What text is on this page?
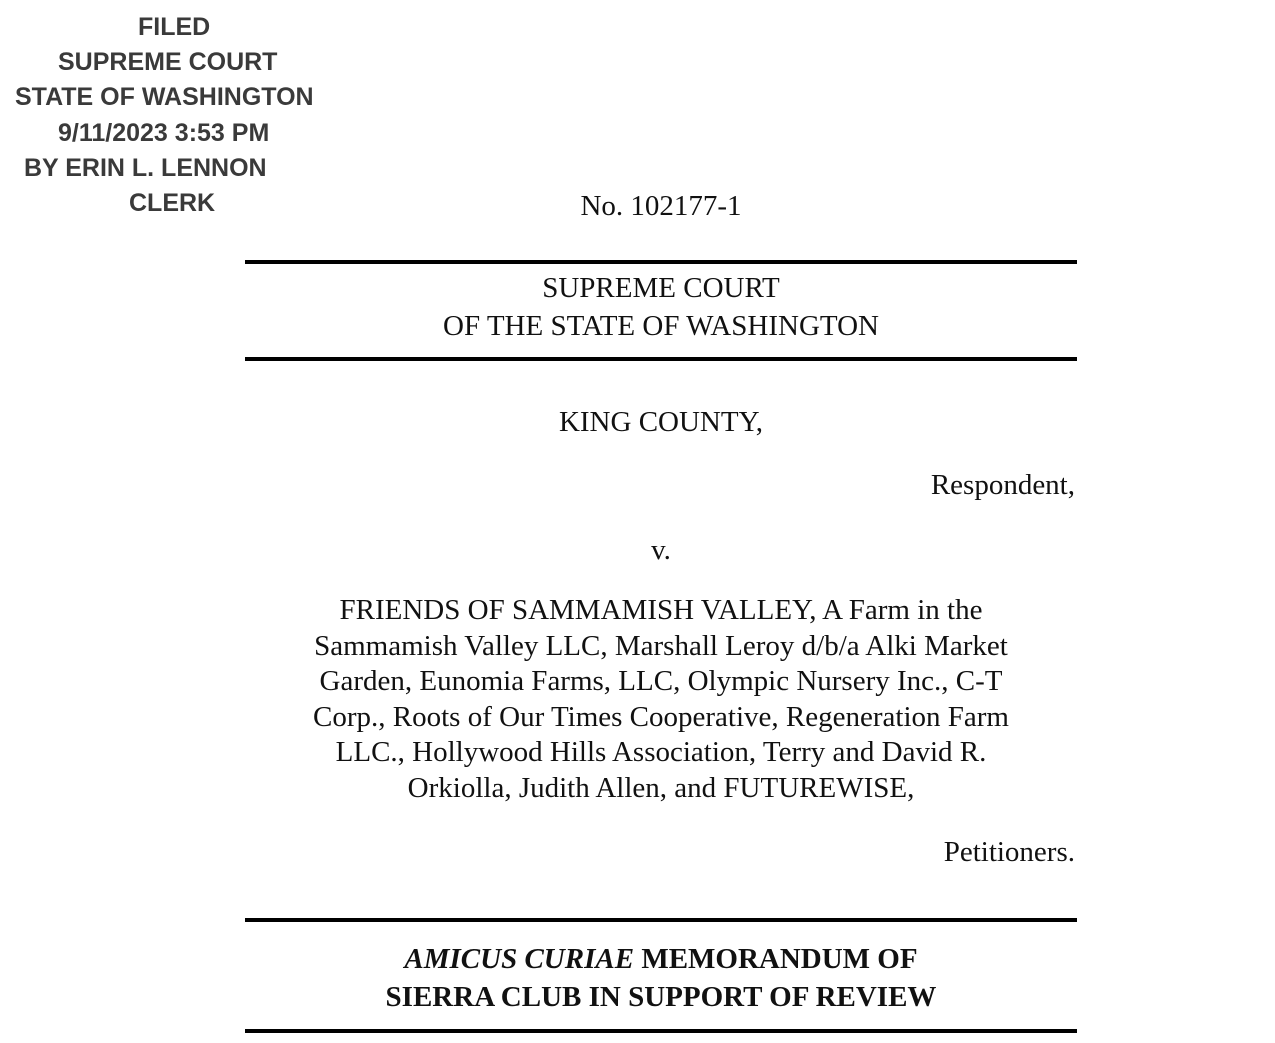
FILED
SUPREME COURT
STATE OF WASHINGTON
9/11/2023 3:53 PM
BY ERIN L. LENNON
CLERK	No. 102177-1
SUPREME COURT
OF THE STATE OF WASHINGTON
KING COUNTY,
Respondent,
v.
FRIENDS OF SAMMAMISH VALLEY, A Farm in the
Sammamish Valley LLC, Marshall Leroy d/b/a Alki Market
Garden, Eunomia Farms, LLC, Olympic Nursery Inc., C-T
Corp., Roots of Our Times Cooperative, Regeneration Farm
LLC., Hollywood Hills Association, Terry and David R.
Orkiolla, Judith Allen, and FUTUREWISE,
Petitioners.
AMICUS CURIAE MEMORANDUM OF
SIERRA CLUB IN SUPPORT OF REVIEW
